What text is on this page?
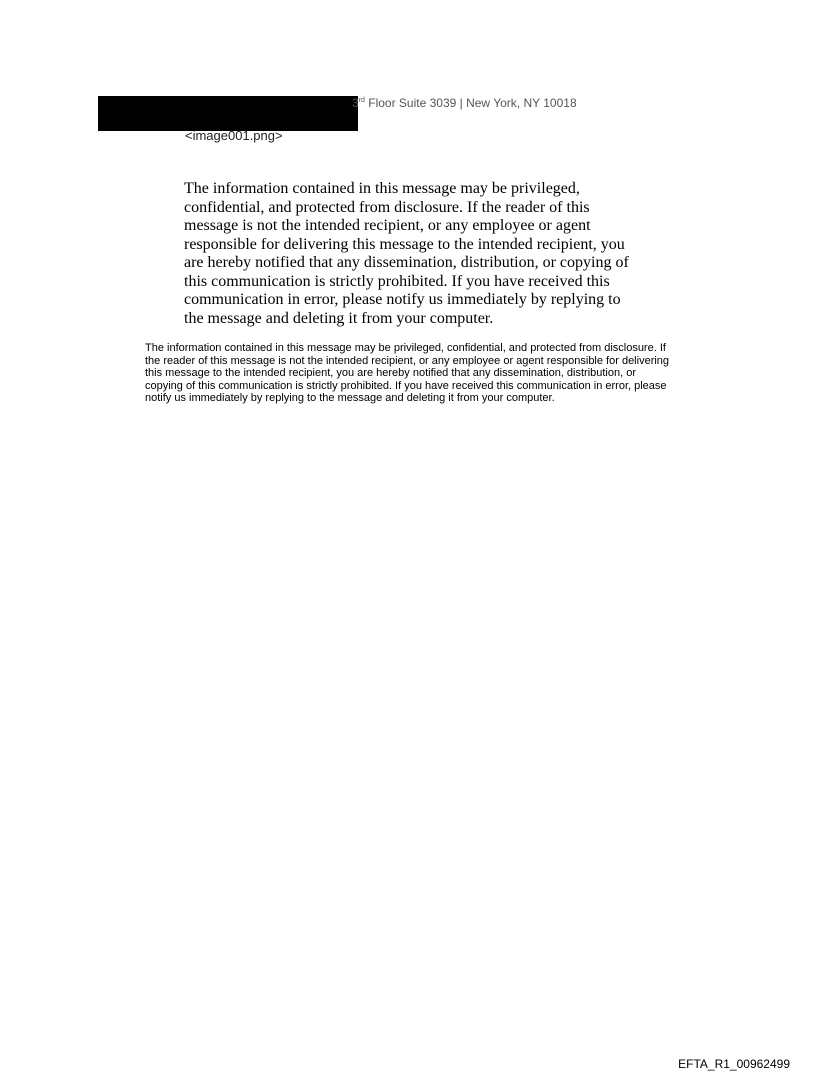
3rd Floor Suite 3039 | New York, NY 10018
<image001.png>

The information contained in this message may be privileged, confidential, and protected from disclosure. If the reader of this message is not the intended recipient, or any employee or agent responsible for delivering this message to the intended recipient, you are hereby notified that any dissemination, distribution, or copying of this communication is strictly prohibited. If you have received this communication in error, please notify us immediately by replying to the message and deleting it from your computer.

The information contained in this message may be privileged, confidential, and protected from disclosure. If the reader of this message is not the intended recipient, or any employee or agent responsible for delivering this message to the intended recipient, you are hereby notified that any dissemination, distribution, or copying of this communication is strictly prohibited. If you have received this communication in error, please notify us immediately by replying to the message and deleting it from your computer.

EFTA_R1_00962499
